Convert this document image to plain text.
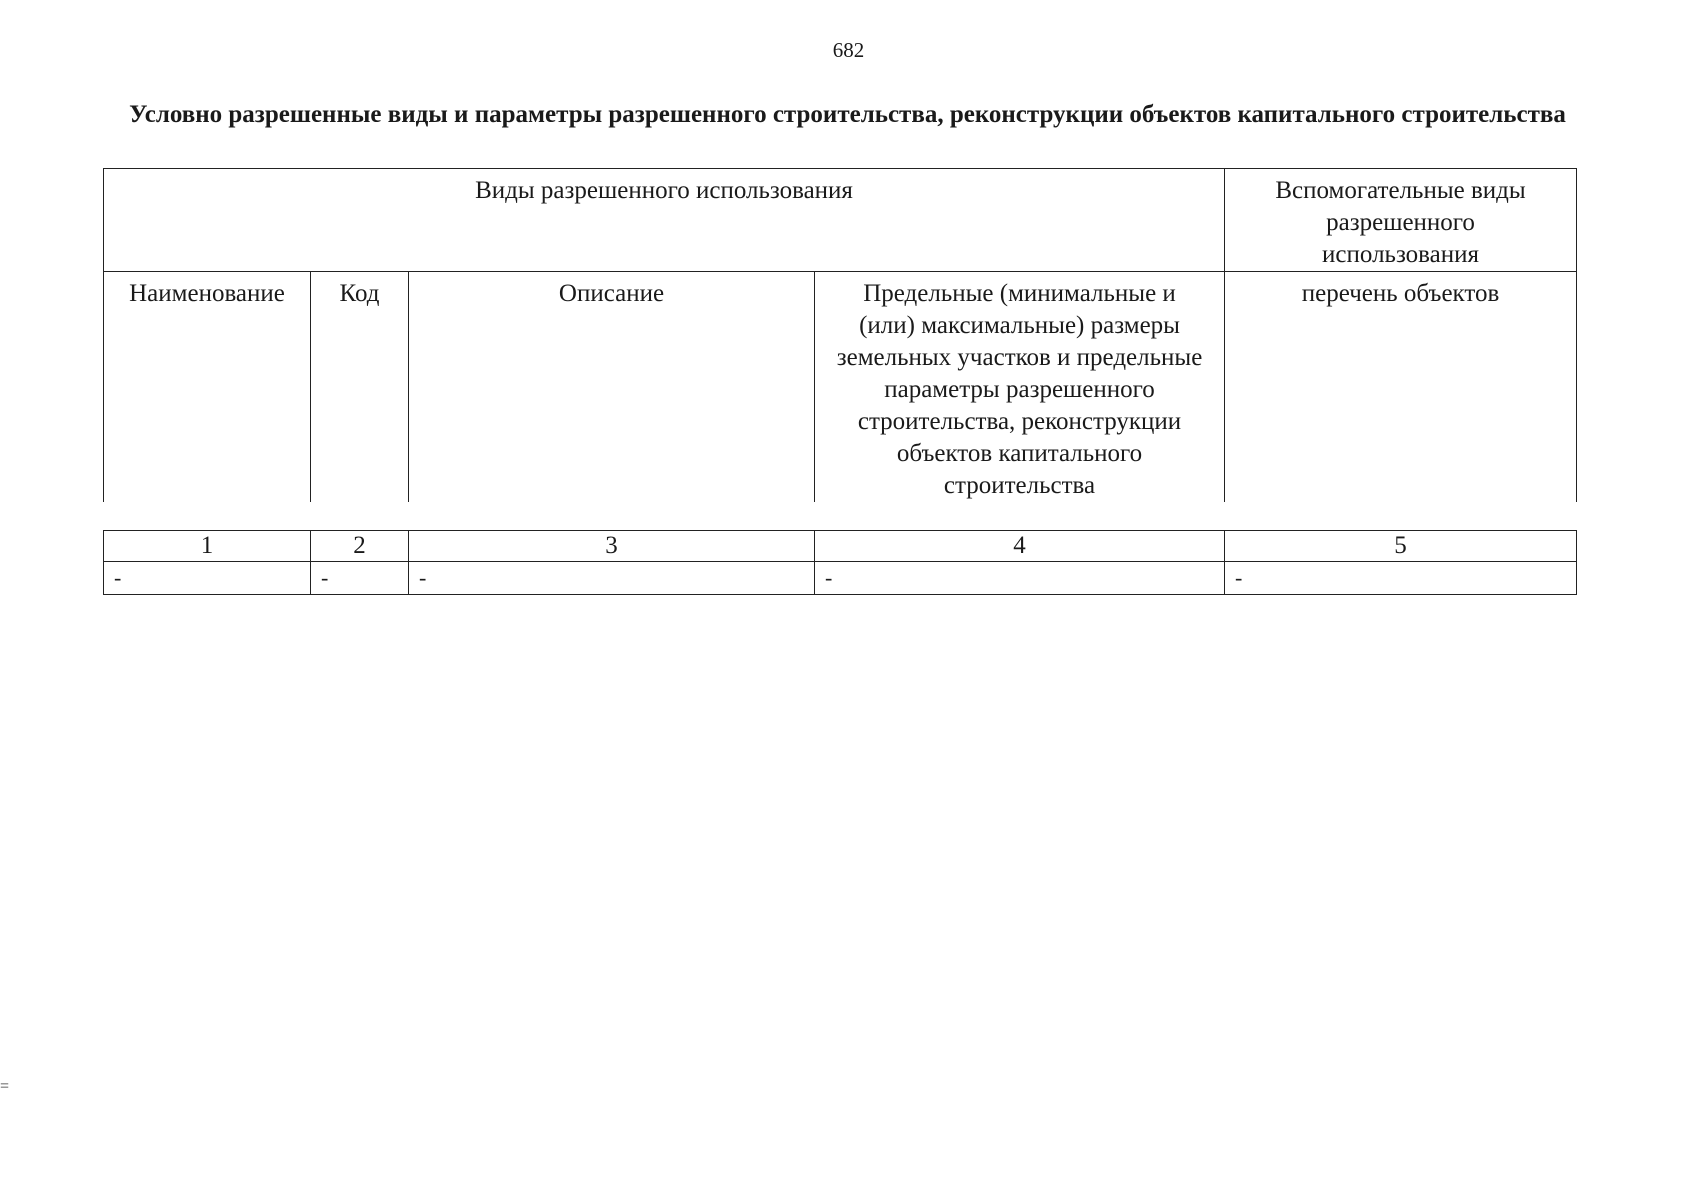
682
Условно разрешенные виды и параметры разрешенного строительства, реконструкции объектов капитального строительства
Виды разрешенного использования				Вспомогательные виды разрешенного использования

Наименование	Код	Описание	Предельные (минимальные и (или) максимальные) размеры земельных участков и предельные параметры разрешенного строительства, реконструкции объектов капитального строительства	перечень объектов
1	2	3	4	5
-	-	-	-	-
=
